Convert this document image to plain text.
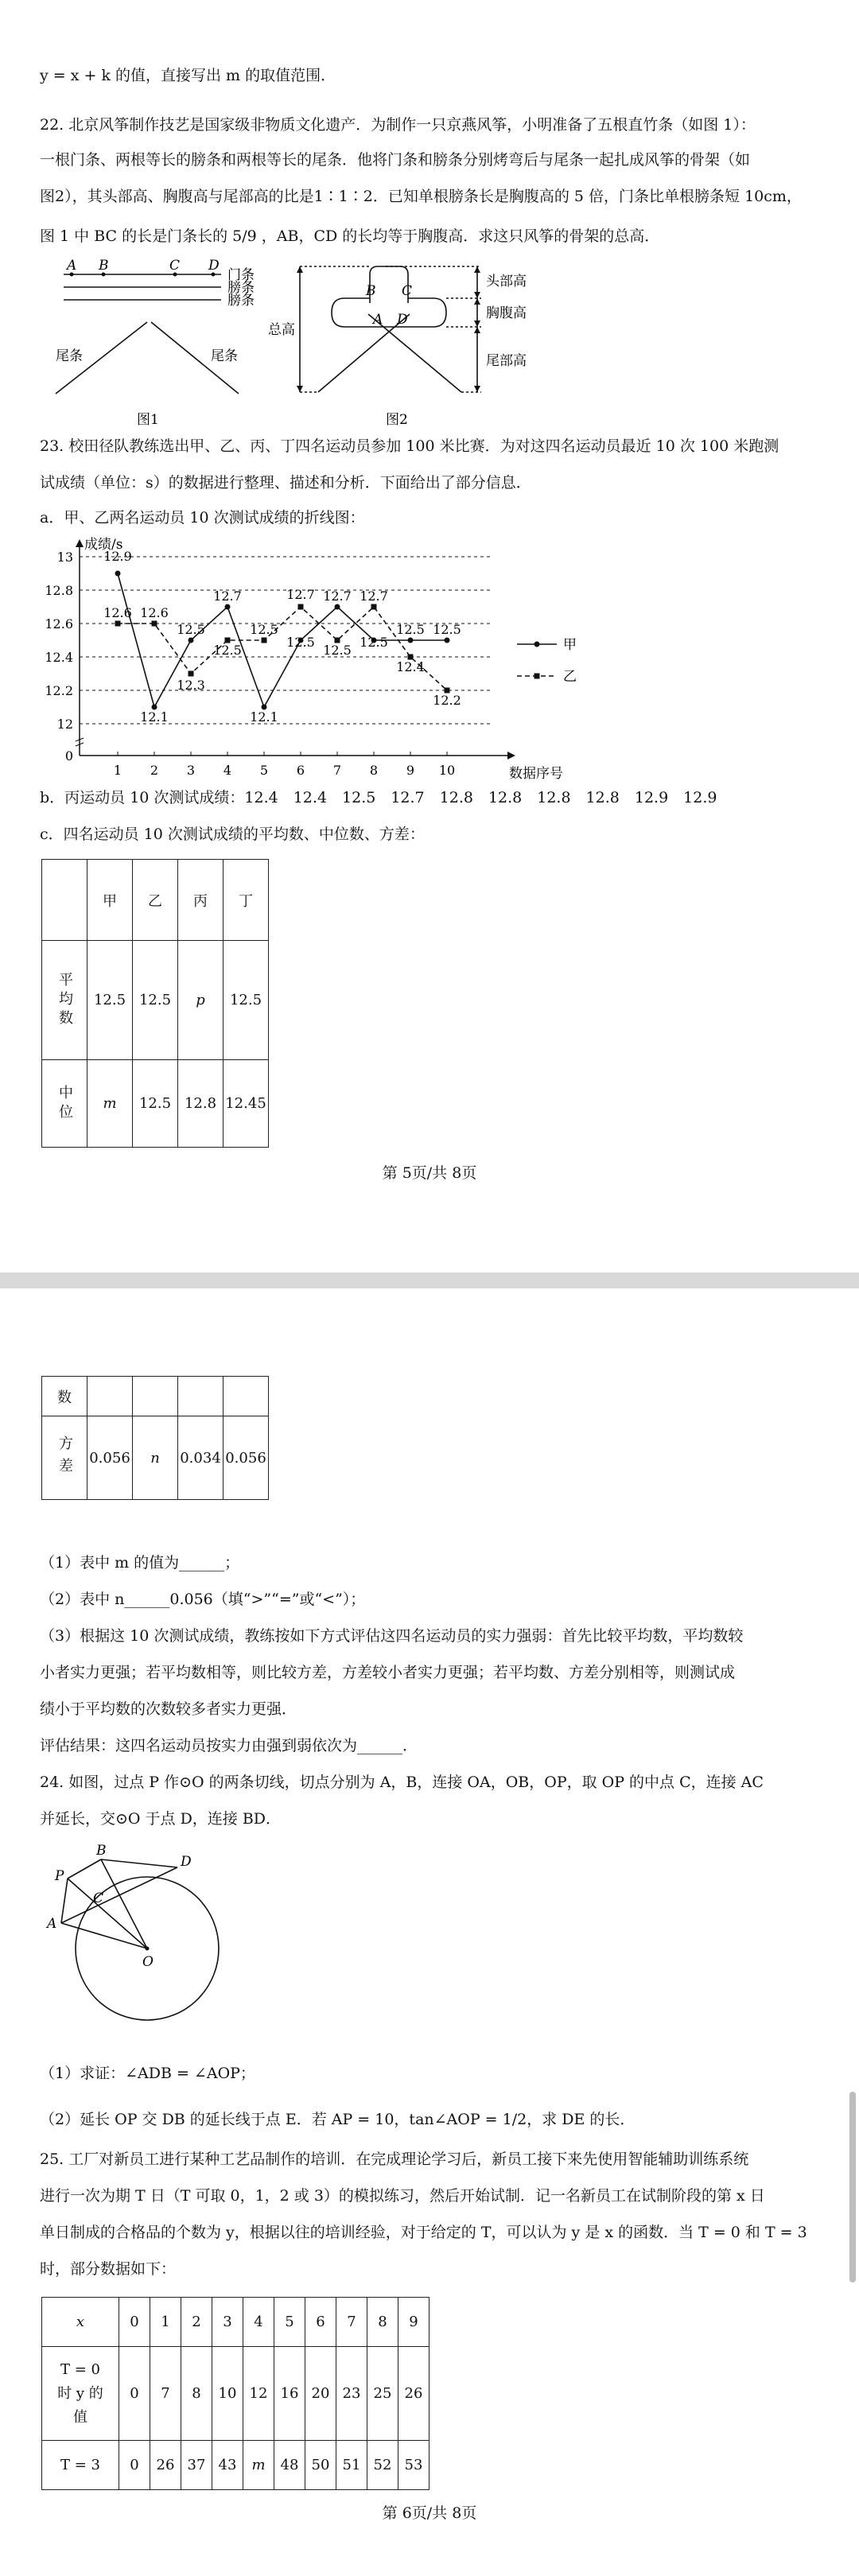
y = x + k 的值，直接写出 m 的取值范围．
22. 北京风筝制作技艺是国家级非物质文化遗产．为制作一只京燕风筝，小明准备了五根直竹条（如图 1）：
一根门条、两根等长的膀条和两根等长的尾条．他将门条和膀条分别烤弯后与尾条一起扎成风筝的骨架（如
图2），其头部高、胸腹高与尾部高的比是1∶1∶2．已知单根膀条长是胸腹高的 5 倍，门条比单根膀条短 10cm，
图 1 中 BC 的长是门条长的 5/9 ，AB，CD 的长均等于胸腹高．求这只风筝的骨架的总高．
A B	C D
门条
膀条
膀条
尾条	尾条
图1
B C
A D
头部高
胸腹高
尾部高
总高
图2
23. 校田径队教练选出甲、乙、丙、丁四名运动员参加 100 米比赛．为对这四名运动员最近 10 次 100 米跑测
试成绩（单位：s）的数据进行整理、描述和分析．下面给出了部分信息．
a．甲、乙两名运动员 10 次测试成绩的折线图：
成绩/s
数据序号
0
12
12.2
12.4
12.6
12.8
13
1 2 3 4 5 6 7 8 9 10
12.9
12.1
12.5
12.7
12.1
12.5
12.7
12.5
12.5 12.5
甲
12.6 12.6
12.3
12.5
12.5
12.7
12.5
12.7
12.4
12.2
乙
b．丙运动员 10 次测试成绩：12.4　12.4　12.5　12.7　12.8　12.8　12.8　12.8　12.9　12.9
c．四名运动员 10 次测试成绩的平均数、中位数、方差：
	甲	乙	丙	丁
平均数	12.5	12.5	p	12.5
中位	m	12.5	12.8	12.45
第 5页/共 8页
数				
方差	0.056	n	0.034	0.056
（1）表中 m 的值为______；
（2）表中 n______0.056（填“>”“=”或“<”）；
（3）根据这 10 次测试成绩，教练按如下方式评估这四名运动员的实力强弱：首先比较平均数，平均数较
小者实力更强；若平均数相等，则比较方差，方差较小者实力更强；若平均数、方差分别相等，则测试成
绩小于平均数的次数较多者实力更强．
评估结果：这四名运动员按实力由强到弱依次为______．
24. 如图，过点 P 作⊙O 的两条切线，切点分别为 A，B，连接 OA，OB，OP，取 OP 的中点 C，连接 AC
并延长，交⊙O 于点 D，连接 BD．
P
B
D
C
A
O
（1）求证：∠ADB = ∠AOP；
（2）延长 OP 交 DB 的延长线于点 E．若 AP = 10，tan∠AOP = 1/2，求 DE 的长．
25. 工厂对新员工进行某种工艺品制作的培训．在完成理论学习后，新员工接下来先使用智能辅助训练系统
进行一次为期 T 日（T 可取 0，1，2 或 3）的模拟练习，然后开始试制．记一名新员工在试制阶段的第 x 日
单日制成的合格品的个数为 y，根据以往的培训经验，对于给定的 T，可以认为 y 是 x 的函数．当 T = 0 和 T = 3
时，部分数据如下：
x	0	1	2	3	4	5	6	7	8	9

T = 0
时 y 的
值	0	7	8	10	12	16	20	23	25	26
T = 3	0	26	37	43	m	48	50	51	52	53
第 6页/共 8页
